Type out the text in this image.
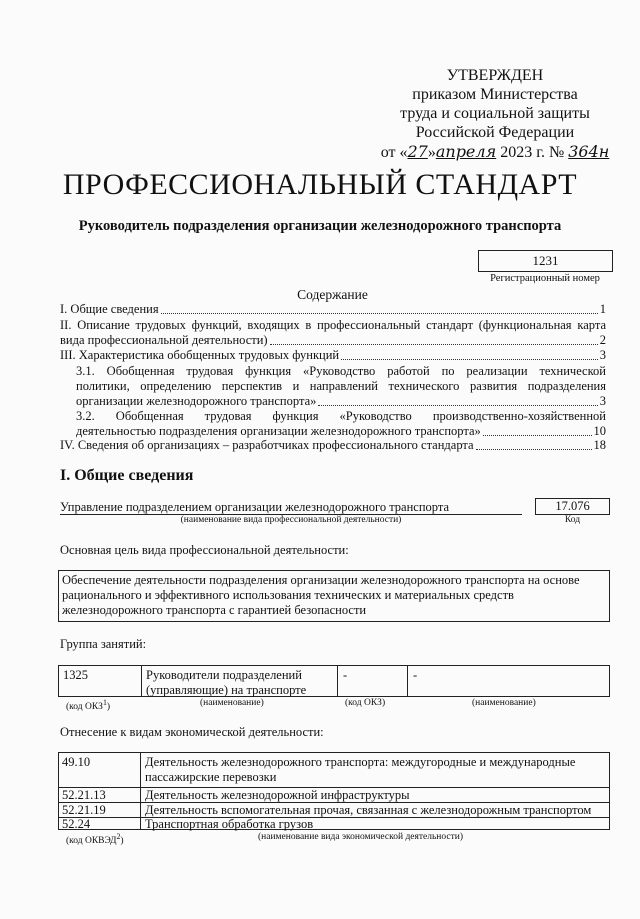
УТВЕРЖДЕН
приказом Министерства
труда и социальной защиты
Российской Федерации
от «27»апреля 2023 г. № 364н
ПРОФЕССИОНАЛЬНЫЙ СТАНДАРТ
Руководитель подразделения организации железнодорожного транспорта
1231
Регистрационный номер
Содержание
I. Общие сведения	1
II. Описание трудовых функций, входящих в профессиональный стандарт (функциональная карта
вида профессиональной деятельности)	2
III. Характеристика обобщенных трудовых функций	3
3.1. Обобщенная трудовая функция «Руководство работой по реализации технической
политики, определению перспектив и направлений технического развития подразделения
организации железнодорожного транспорта»	3
3.2. Обобщенная трудовая функция «Руководство производственно-хозяйственной
деятельностью подразделения организации железнодорожного транспорта»	10
IV. Сведения об организациях – разработчиках профессионального стандарта	18
I. Общие сведения
Управление подразделением организации железнодорожного транспорта
(наименование вида профессиональной деятельности)
17.076
Код
Основная цель вида профессиональной деятельности:
Обеспечение деятельности подразделения организации железнодорожного транспорта на основе
рационального и эффективного использования технических и материальных средств
железнодорожного транспорта с гарантией безопасности
Группа занятий:
1325	Руководители подразделений
(управляющие) на транспорте
-	-
(код ОКЗ$^1$)	(наименование)	(код ОКЗ)	(наименование)
Отнесение к видам экономической деятельности:
49.10	Деятельность железнодорожного транспорта: междугородные и международные
пассажирские перевозки
52.21.13	Деятельность железнодорожной инфраструктуры
52.21.19	Деятельность вспомогательная прочая, связанная с железнодорожным транспортом
52.24	Транспортная обработка грузов
(код ОКВЭД$^2$)	(наименование вида экономической деятельности)
